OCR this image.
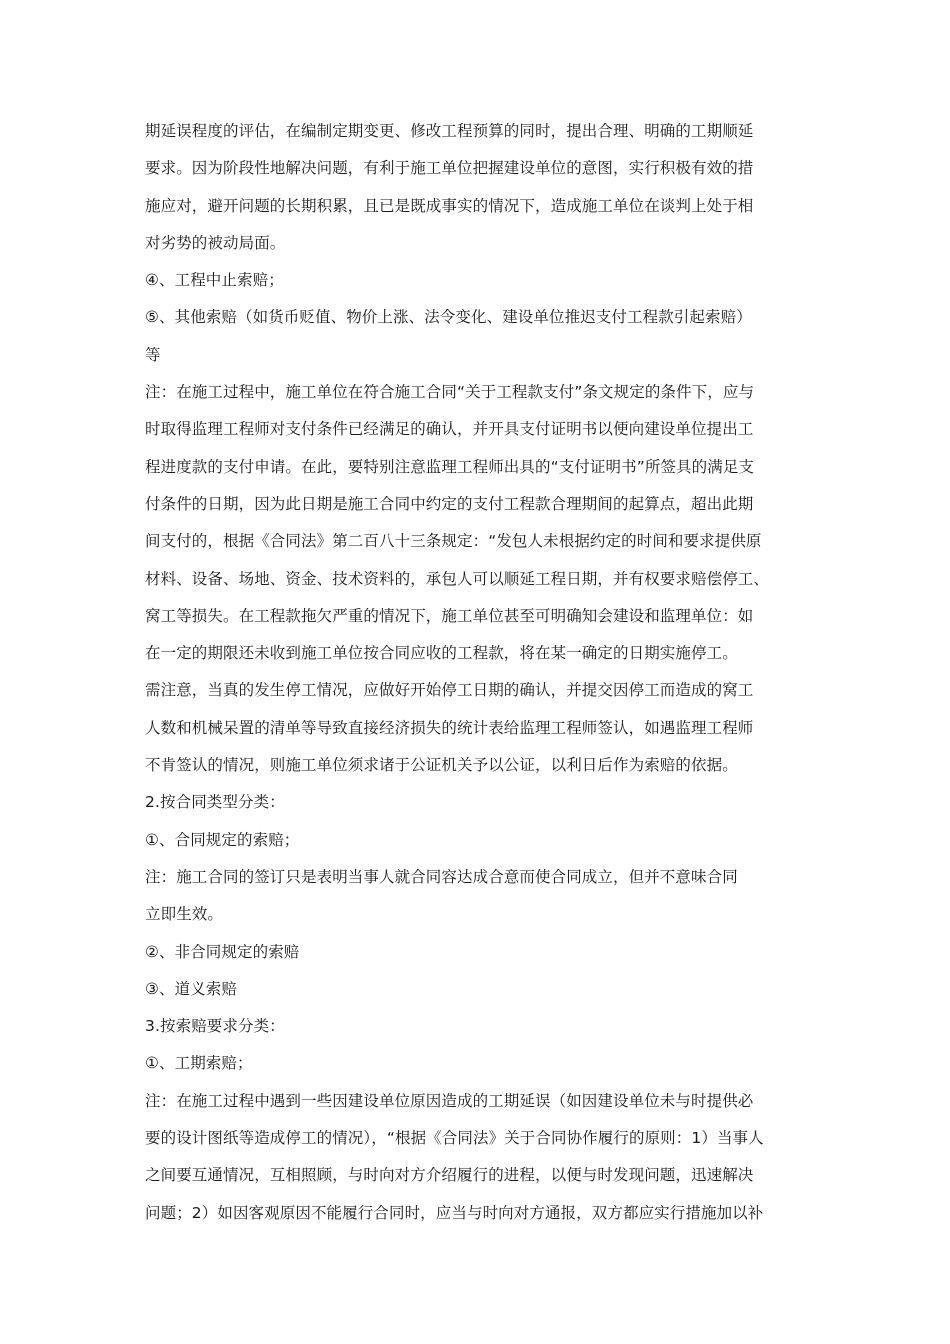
期延误程度的评估，在编制定期变更、修改工程预算的同时，提出合理、明确的工期顺延
要求。因为阶段性地解决问题，有利于施工单位把握建设单位的意图，实行积极有效的措
施应对，避开问题的长期积累，且已是既成事实的情况下，造成施工单位在谈判上处于相
对劣势的被动局面。
④、工程中止索赔；
⑤、其他索赔（如货币贬值、物价上涨、法令变化、建设单位推迟支付工程款引起索赔）
等
注：在施工过程中，施工单位在符合施工合同“关于工程款支付”条文规定的条件下，应与
时取得监理工程师对支付条件已经满足的确认，并开具支付证明书以便向建设单位提出工
程进度款的支付申请。在此，要特别注意监理工程师出具的“支付证明书”所签具的满足支
付条件的日期，因为此日期是施工合同中约定的支付工程款合理期间的起算点，超出此期
间支付的，根据《合同法》第二百八十三条规定：“发包人未根据约定的时间和要求提供原
材料、设备、场地、资金、技术资料的，承包人可以顺延工程日期，并有权要求赔偿停工、
窝工等损失。在工程款拖欠严重的情况下，施工单位甚至可明确知会建设和监理单位：如
在一定的期限还未收到施工单位按合同应收的工程款，将在某一确定的日期实施停工。
需注意，当真的发生停工情况，应做好开始停工日期的确认，并提交因停工而造成的窝工
人数和机械呆置的清单等导致直接经济损失的统计表给监理工程师签认，如遇监理工程师
不肯签认的情况，则施工单位须求诸于公证机关予以公证，以利日后作为索赔的依据。
2.按合同类型分类：
①、合同规定的索赔；
注：施工合同的签订只是表明当事人就合同容达成合意而使合同成立，但并不意味合同
立即生效。
②、非合同规定的索赔
③、道义索赔
3.按索赔要求分类：
①、工期索赔；
注：在施工过程中遇到一些因建设单位原因造成的工期延误（如因建设单位未与时提供必
要的设计图纸等造成停工的情况），“根据《合同法》关于合同协作履行的原则：1）当事人
之间要互通情况，互相照顾，与时向对方介绍履行的进程，以便与时发现问题，迅速解决
问题；2）如因客观原因不能履行合同时，应当与时向对方通报，双方都应实行措施加以补
